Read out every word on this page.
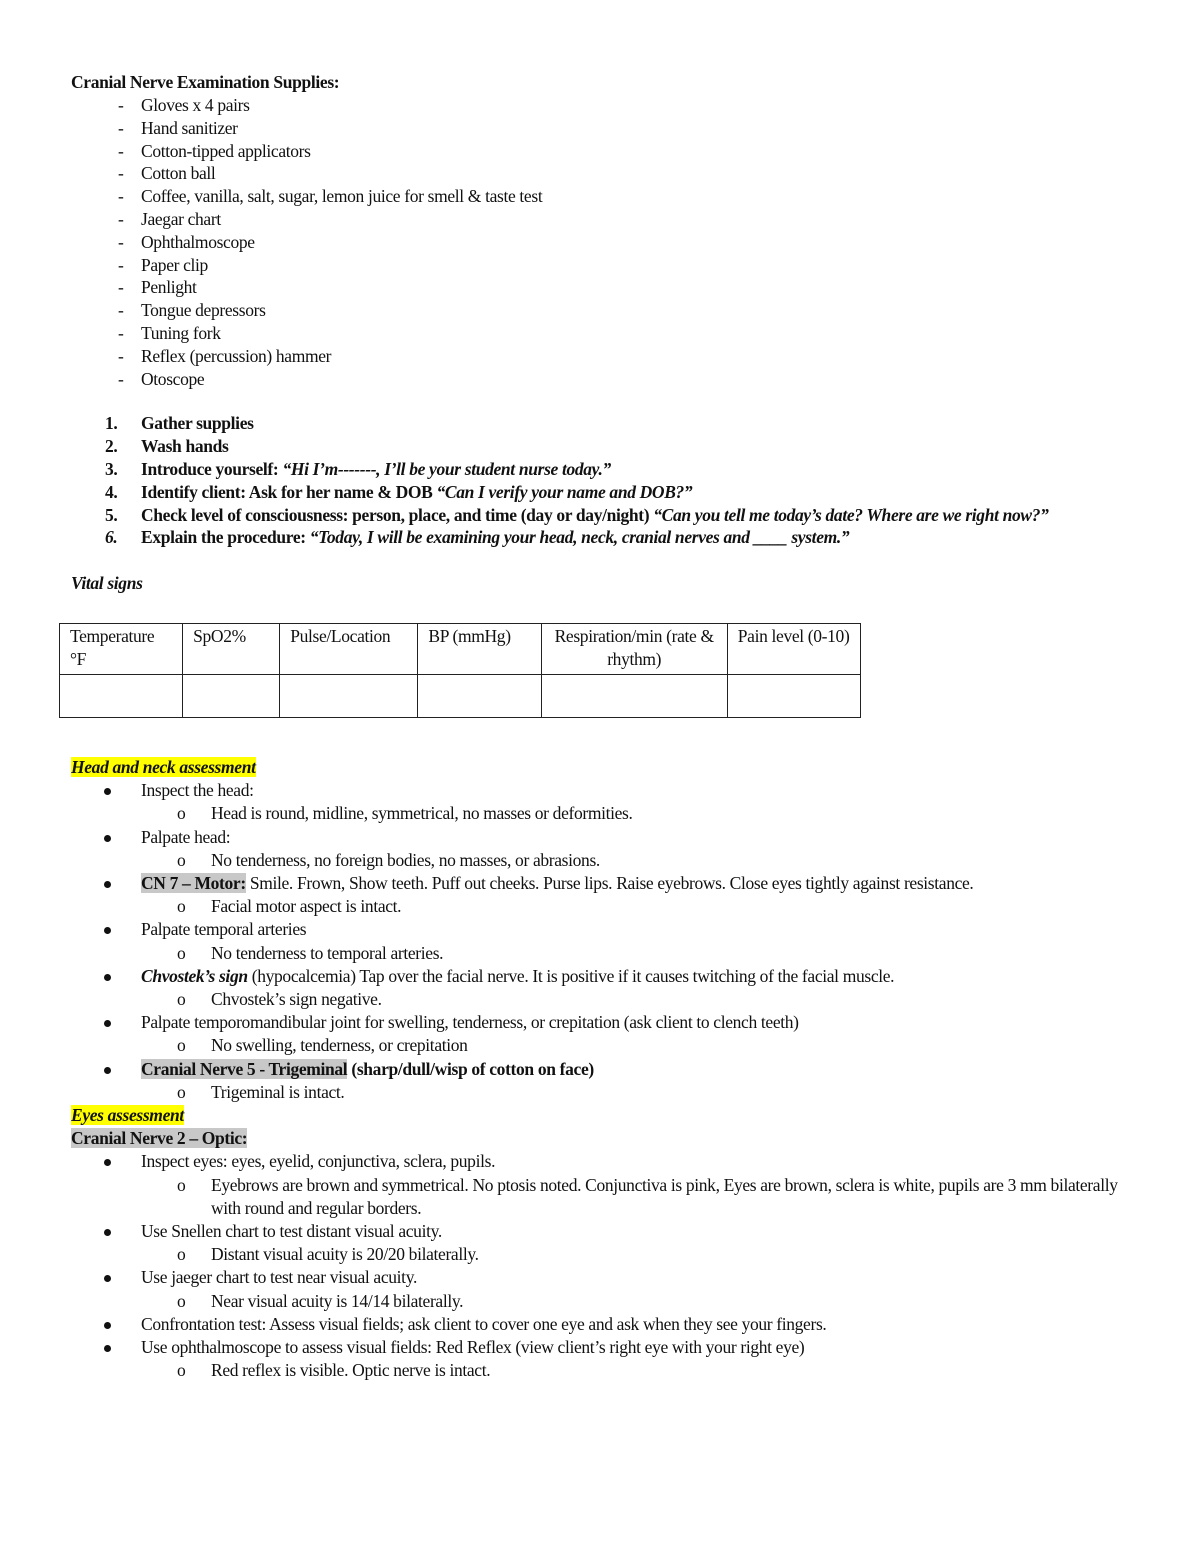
Cranial Nerve Examination Supplies:
- Gloves x 4 pairs
- Hand sanitizer
- Cotton-tipped applicators
- Cotton ball
- Coffee, vanilla, salt, sugar, lemon juice for smell & taste test
- Jaegar chart
- Ophthalmoscope
- Paper clip
- Penlight
- Tongue depressors
- Tuning fork
- Reflex (percussion) hammer
- Otoscope
1. Gather supplies
2. Wash hands
3. Introduce yourself: “Hi I’m-------, I’ll be your student nurse today.”
4. Identify client: Ask for her name & DOB “Can I verify your name and DOB?”
5. Check level of consciousness: person, place, and time (day or day/night) “Can you tell me today’s date? Where are we right now?”
6. Explain the procedure: “Today, I will be examining your head, neck, cranial nerves and ____ system.”
Vital signs
Temperature °F	SpO2%	Pulse/Location	BP (mmHg)	Respiration/min (rate & rhythm)	Pain level (0-10)

Head and neck assessment
Inspect the head:
o Head is round, midline, symmetrical, no masses or deformities.
Palpate head:
o No tenderness, no foreign bodies, no masses, or abrasions.
CN 7 – Motor: Smile. Frown, Show teeth. Puff out cheeks. Purse lips. Raise eyebrows. Close eyes tightly against resistance.
o Facial motor aspect is intact.
Palpate temporal arteries
o No tenderness to temporal arteries.
Chvostek’s sign (hypocalcemia) Tap over the facial nerve. It is positive if it causes twitching of the facial muscle.
o Chvostek’s sign negative.
Palpate temporomandibular joint for swelling, tenderness, or crepitation (ask client to clench teeth)
o No swelling, tenderness, or crepitation
Cranial Nerve 5 - Trigeminal (sharp/dull/wisp of cotton on face)
o Trigeminal is intact.
Eyes assessment
Cranial Nerve 2 – Optic:
Inspect eyes: eyes, eyelid, conjunctiva, sclera, pupils.
o Eyebrows are brown and symmetrical. No ptosis noted. Conjunctiva is pink, Eyes are brown, sclera is white, pupils are 3 mm bilaterally with round and regular borders.
Use Snellen chart to test distant visual acuity.
o Distant visual acuity is 20/20 bilaterally.
Use jaeger chart to test near visual acuity.
o Near visual acuity is 14/14 bilaterally.
Confrontation test: Assess visual fields; ask client to cover one eye and ask when they see your fingers.
Use ophthalmoscope to assess visual fields: Red Reflex (view client’s right eye with your right eye)
o Red reflex is visible. Optic nerve is intact.
